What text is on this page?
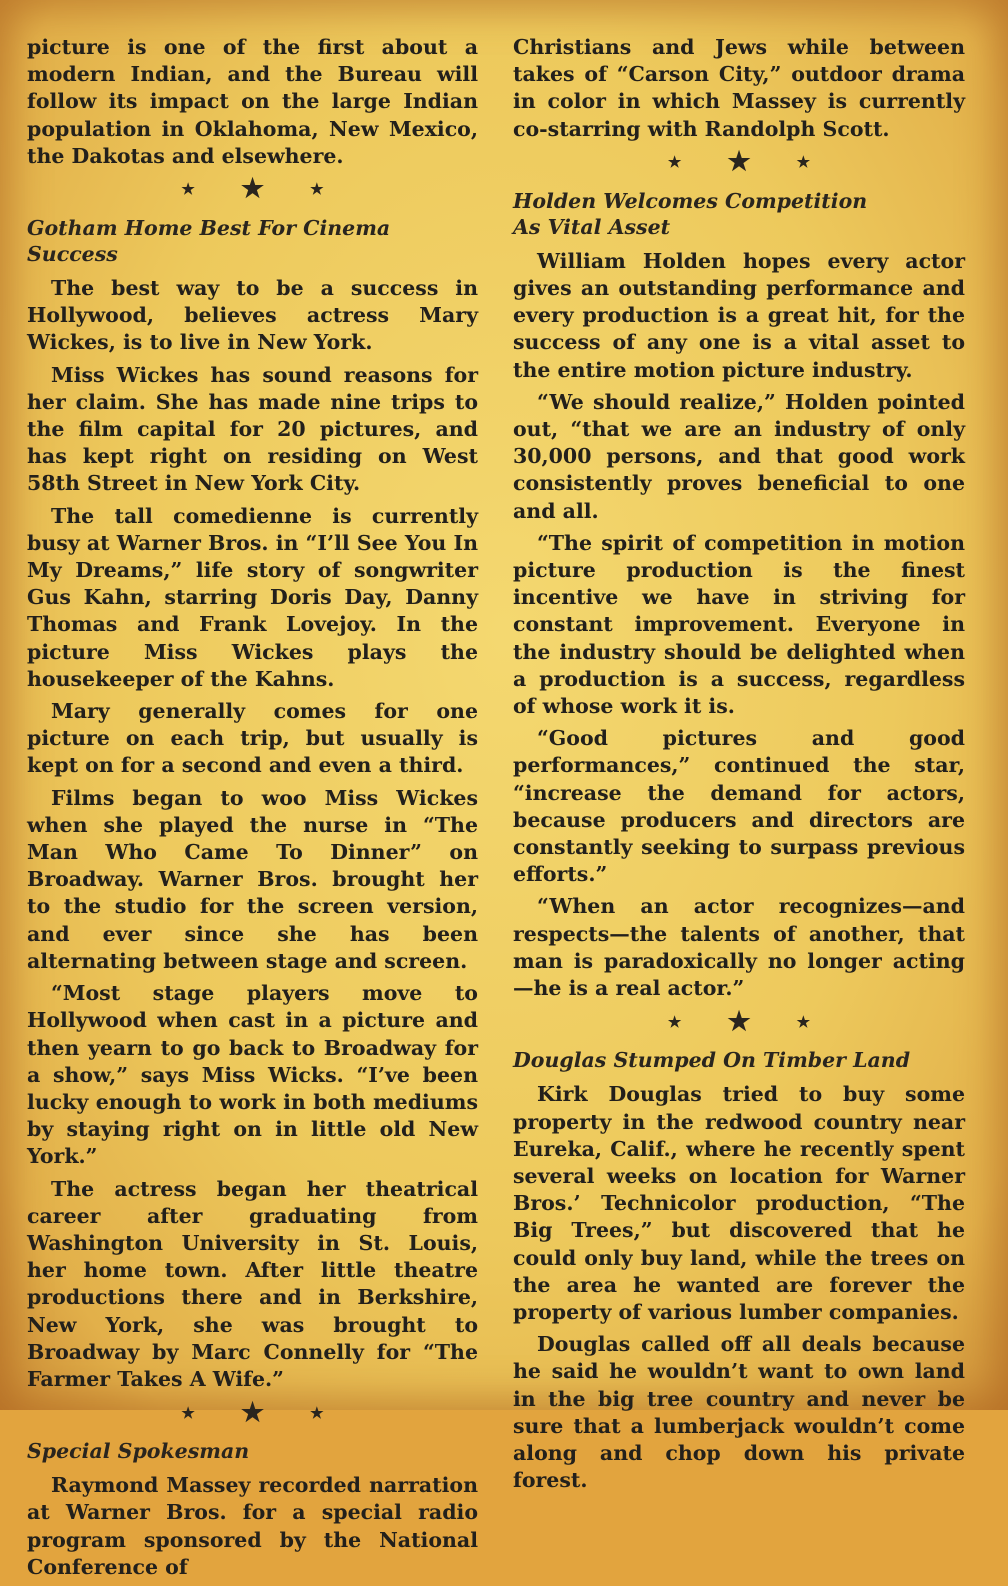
picture is one of the first about a modern Indian, and the Bureau will follow its impact on the large Indian population in Oklahoma, New Mexico, the Dakotas and elsewhere.

★ ★	★
Gotham Home Best For Cinema Success

The best way to be a success in Hollywood, believes actress Mary Wickes, is to live in New York.

Miss Wickes has sound reasons for her claim. She has made nine trips to the film capital for 20 pictures, and has kept right on residing on West 58th Street in New York City.

The tall comedienne is currently busy at Warner Bros. in “I’ll See You In My Dreams,” life story of songwriter Gus Kahn, starring Doris Day, Danny Thomas and Frank Lovejoy. In the picture Miss Wickes plays the housekeeper of the Kahns.

Mary generally comes for one picture on each trip, but usually is kept on for a second and even a third.

Films began to woo Miss Wickes when she played the nurse in “The Man Who Came To Dinner” on Broadway. Warner Bros. brought her to the studio for the screen version, and ever since she has been alternating between stage and screen.

“Most stage players move to Hollywood when cast in a picture and then yearn to go back to Broadway for a show,” says Miss Wicks. “I’ve been lucky enough to work in both mediums by staying right on in little old New York.”

The actress began her theatrical career after graduating from Washington University in St. Louis, her home town. After little theatre productions there and in Berkshire, New York, she was brought to Broadway by Marc Connelly for “The Farmer Takes A Wife.”

★ ★	★
Special Spokesman

Raymond Massey recorded narration at Warner Bros. for a special radio program sponsored by the National Conference of

Christians and Jews while between takes of “Carson City,” outdoor drama in color in which Massey is currently co-starring with Randolph Scott.

★ ★	★
Holden Welcomes Competition
As Vital Asset

William Holden hopes every actor gives an outstanding performance and every production is a great hit, for the success of any one is a vital asset to the entire motion picture industry.

“We should realize,” Holden pointed out, “that we are an industry of only 30,000 persons, and that good work consistently proves beneficial to one and all.

“The spirit of competition in motion picture production is the finest incentive we have in striving for constant improvement. Everyone in the industry should be delighted when a production is a success, regardless of whose work it is.

“Good pictures and good performances,” continued the star, “increase the demand for actors, because producers and directors are constantly seeking to surpass previous efforts.”

“When an actor recognizes—and respects—the talents of another, that man is paradoxically no longer acting—he is a real actor.”

★ ★	★
Douglas Stumped On Timber Land

Kirk Douglas tried to buy some property in the redwood country near Eureka, Calif., where he recently spent several weeks on location for Warner Bros.’ Technicolor production, “The Big Trees,” but discovered that he could only buy land, while the trees on the area he wanted are forever the property of various lumber companies.

Douglas called off all deals because he said he wouldn’t want to own land in the big tree country and never be sure that a lumberjack wouldn’t come along and chop down his private forest.
